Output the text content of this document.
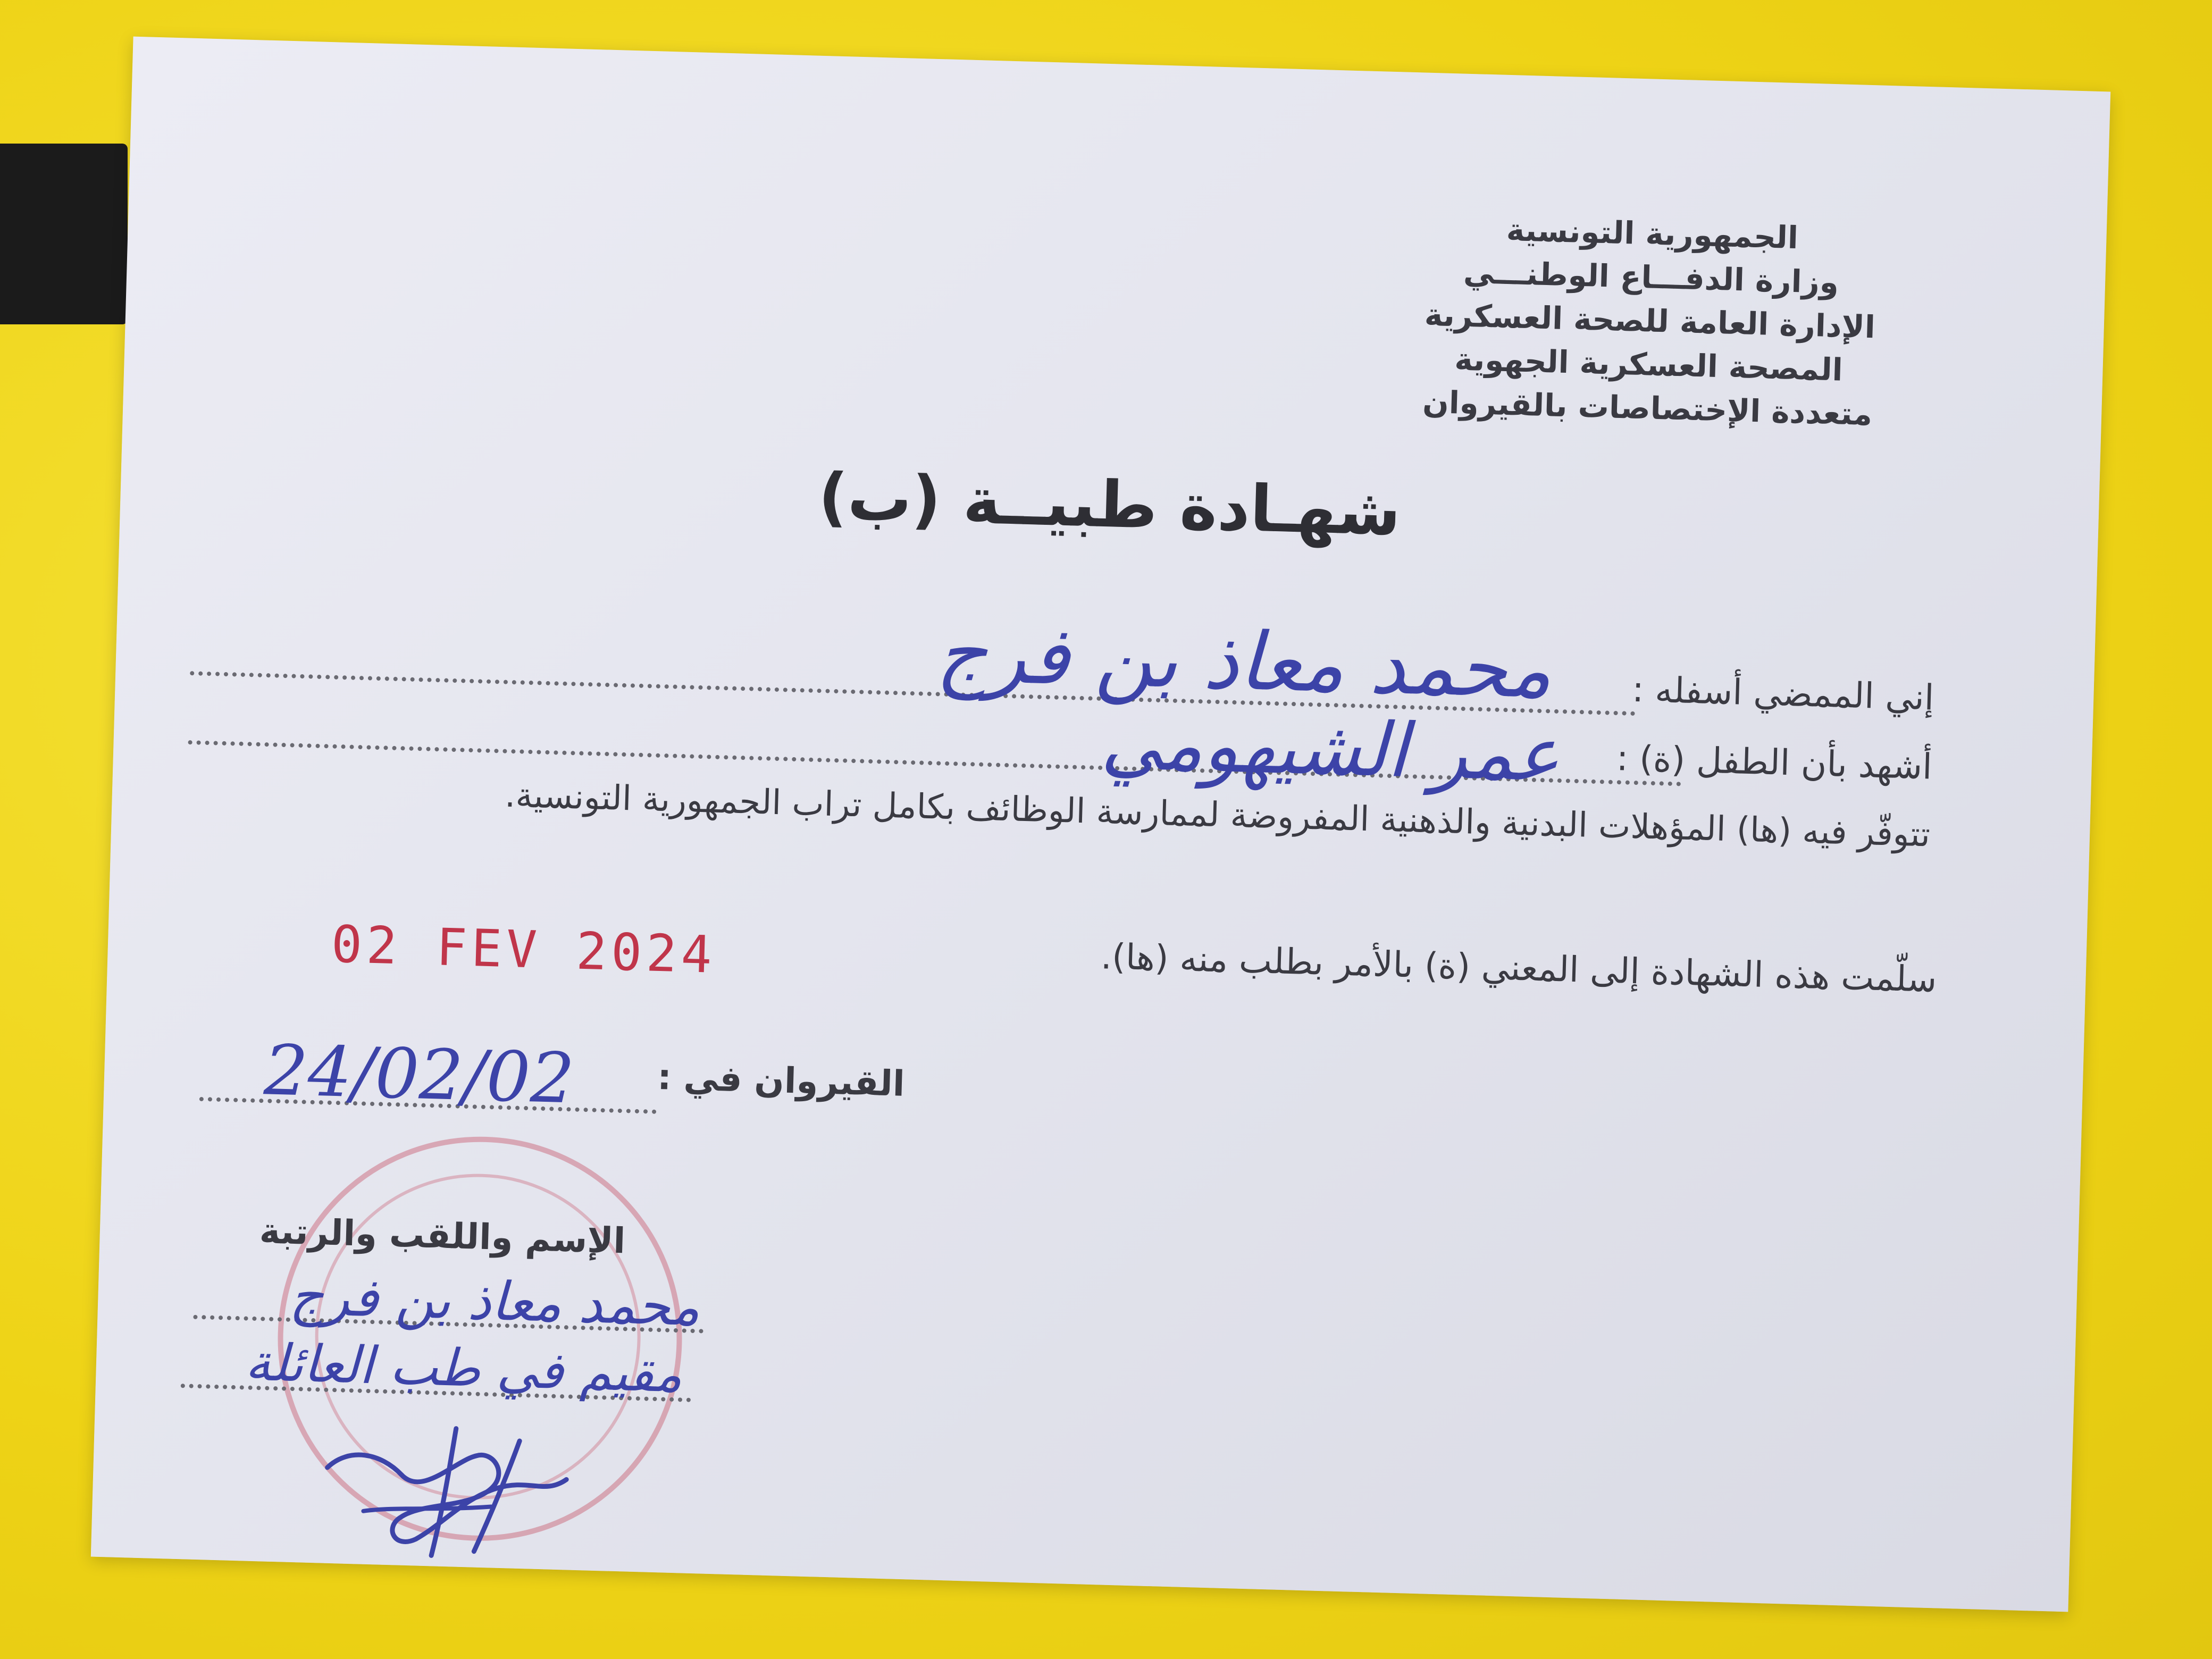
الجمهورية التونسية
وزارة الدفـــاع الوطنـــي
الإدارة العامة للصحة العسكرية
المصحة العسكرية الجهوية
متعددة الإختصاصات بالقيروان
شهـادة طبيــة (ب)
إني الممضي أسفله :
محمد معاذ بن فرج
أشهد بأن الطفل (ة) :
عمر الشيهومي
تتوفّر فيه (ها) المؤهلات البدنية والذهنية المفروضة لممارسة الوظائف بكامل تراب الجمهورية التونسية.
سلّمت هذه الشهادة إلى المعني (ة) بالأمر بطلب منه (ها).
02 FEV 2024
القيروان في :
24/02/02
الإسم واللقب والرتبة
محمد معاذ بن فرج
مقيم في طب العائلة
